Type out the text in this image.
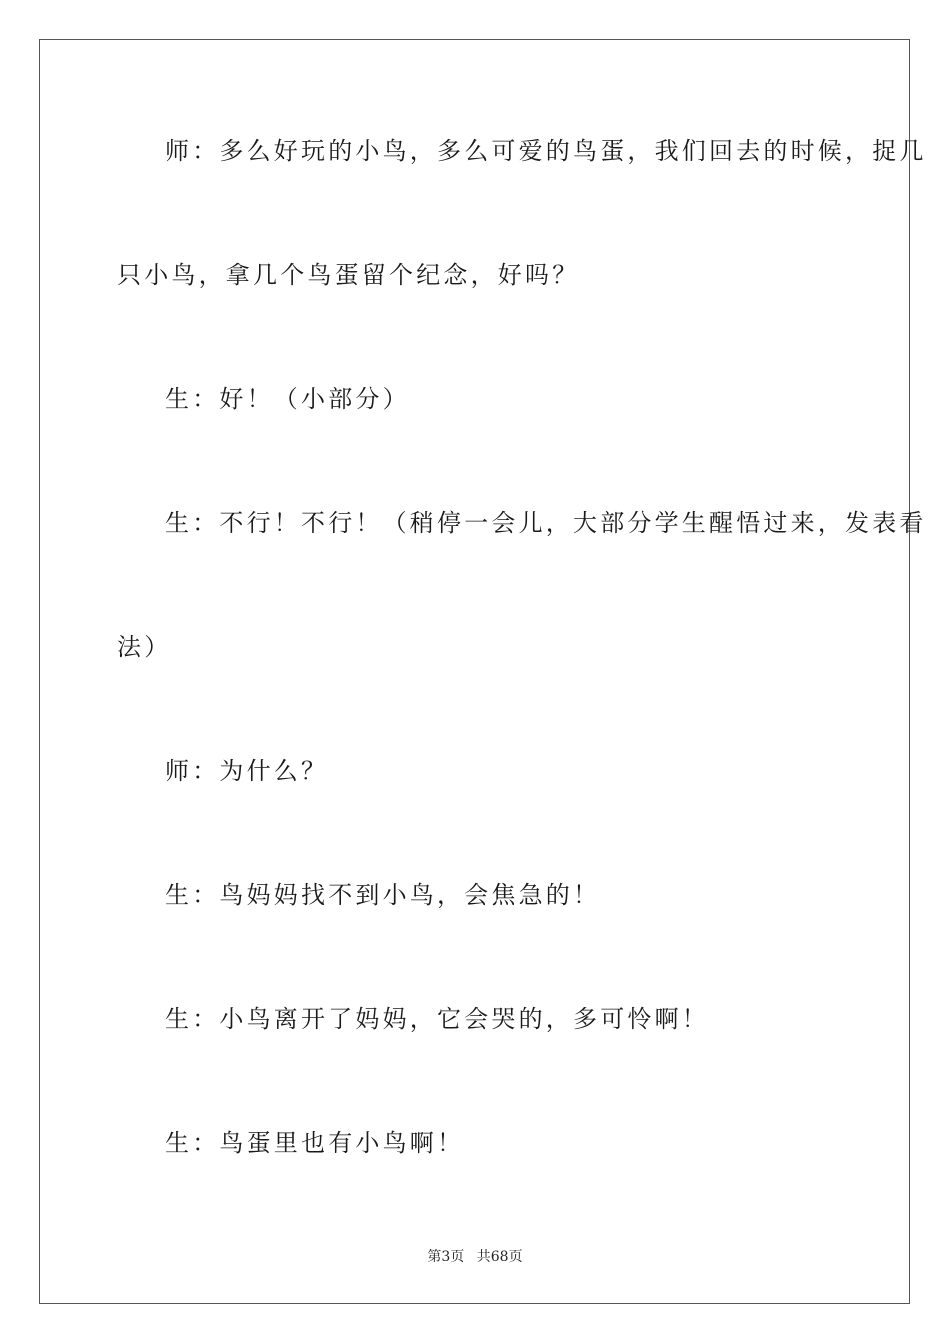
师：多么好玩的小鸟，多么可爱的鸟蛋，我们回去的时候，捉几
只小鸟，拿几个鸟蛋留个纪念，好吗？
生：好！（小部分）
生：不行！不行！（稍停一会儿，大部分学生醒悟过来，发表看
法）
师：为什么？
生：鸟妈妈找不到小鸟，会焦急的！
生：小鸟离开了妈妈，它会哭的，多可怜啊！
生：鸟蛋里也有小鸟啊！
第3页 共68页
